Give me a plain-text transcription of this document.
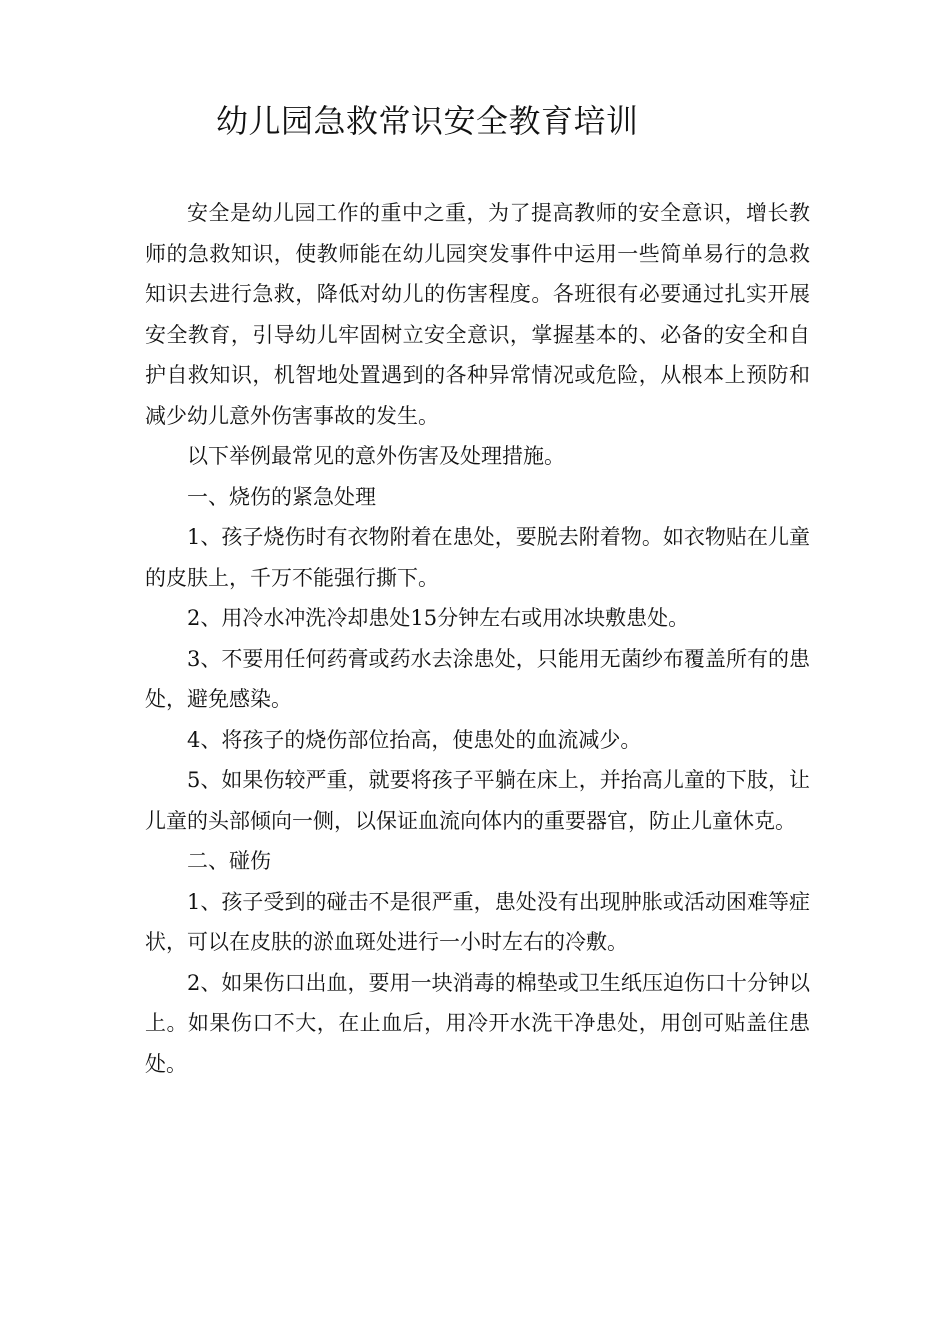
幼儿园急救常识安全教育培训

安全是幼儿园工作的重中之重，为了提高教师的安全意识，增长教师的急救知识，使教师能在幼儿园突发事件中运用一些简单易行的急救知识去进行急救，降低对幼儿的伤害程度。各班很有必要通过扎实开展安全教育，引导幼儿牢固树立安全意识，掌握基本的、必备的安全和自护自救知识，机智地处置遇到的各种异常情况或危险，从根本上预防和减少幼儿意外伤害事故的发生。

以下举例最常见的意外伤害及处理措施。

一、烧伤的紧急处理

1、孩子烧伤时有衣物附着在患处，要脱去附着物。如衣物贴在儿童的皮肤上，千万不能强行撕下。

2、用冷水冲洗冷却患处15分钟左右或用冰块敷患处。

3、不要用任何药膏或药水去涂患处，只能用无菌纱布覆盖所有的患处，避免感染。

4、将孩子的烧伤部位抬高，使患处的血流减少。

5、如果伤较严重，就要将孩子平躺在床上，并抬高儿童的下肢，让儿童的头部倾向一侧，以保证血流向体内的重要器官，防止儿童休克。

二、碰伤

1、孩子受到的碰击不是很严重，患处没有出现肿胀或活动困难等症状，可以在皮肤的淤血斑处进行一小时左右的冷敷。

2、如果伤口出血，要用一块消毒的棉垫或卫生纸压迫伤口十分钟以上。如果伤口不大，在止血后，用冷开水洗干净患处，用创可贴盖住患处。
